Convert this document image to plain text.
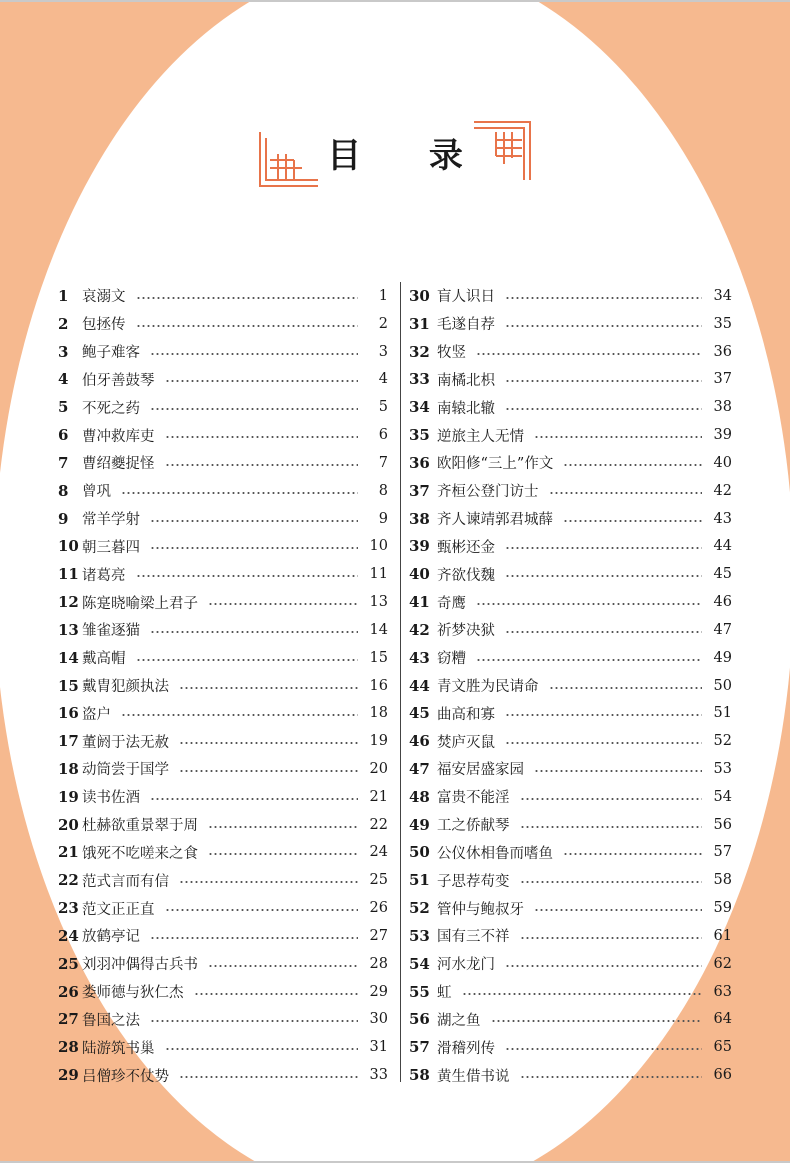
目 录
1 哀溺文	1
2 包拯传	2
3 鲍子难客	3
4 伯牙善鼓琴	4
5 不死之药	5
6 曹冲救库吏	6
7 曹绍夔捉怪	7
8 曾巩	8
9 常羊学射	9
10 朝三暮四	10
11 诸葛亮	11
12 陈寔晓喻梁上君子	13
13 雏雀逐猫	14
14 戴高帽	15
15 戴胄犯颜执法	16
16 盗户	18
17 董阏于法无赦	19
18 动筒尝于国学	20
19 读书佐酒	21
20 杜赫欲重景翠于周	22
21 饿死不吃嗟来之食	24
22 范式言而有信	25
23 范文正正直	26
24 放鹤亭记	27
25 刘羽冲偶得古兵书	28
26 娄师德与狄仁杰	29
27 鲁国之法	30
28 陆游筑书巢	31
29 吕僧珍不仗势	33
30 盲人识日	34
31 毛遂自荐	35
32 牧竖	36
33 南橘北枳	37
34 南辕北辙	38
35 逆旅主人无情	39
36 欧阳修“三上”作文	40
37 齐桓公登门访士	42
38 齐人谏靖郭君城薛	43
39 甄彬还金	44
40 齐欲伐魏	45
41 奇鹰	46
42 祈梦决狱	47
43 窃糟	49
44 青文胜为民请命	50
45 曲高和寡	51
46 焚庐灭鼠	52
47 福安居盛家园	53
48 富贵不能淫	54
49 工之侨献琴	56
50 公仪休相鲁而嗜鱼	57
51 子思荐苟变	58
52 管仲与鲍叔牙	59
53 国有三不祥	61
54 河水龙门	62
55 虹	63
56 湖之鱼	64
57 滑稽列传	65
58 黄生借书说	66
